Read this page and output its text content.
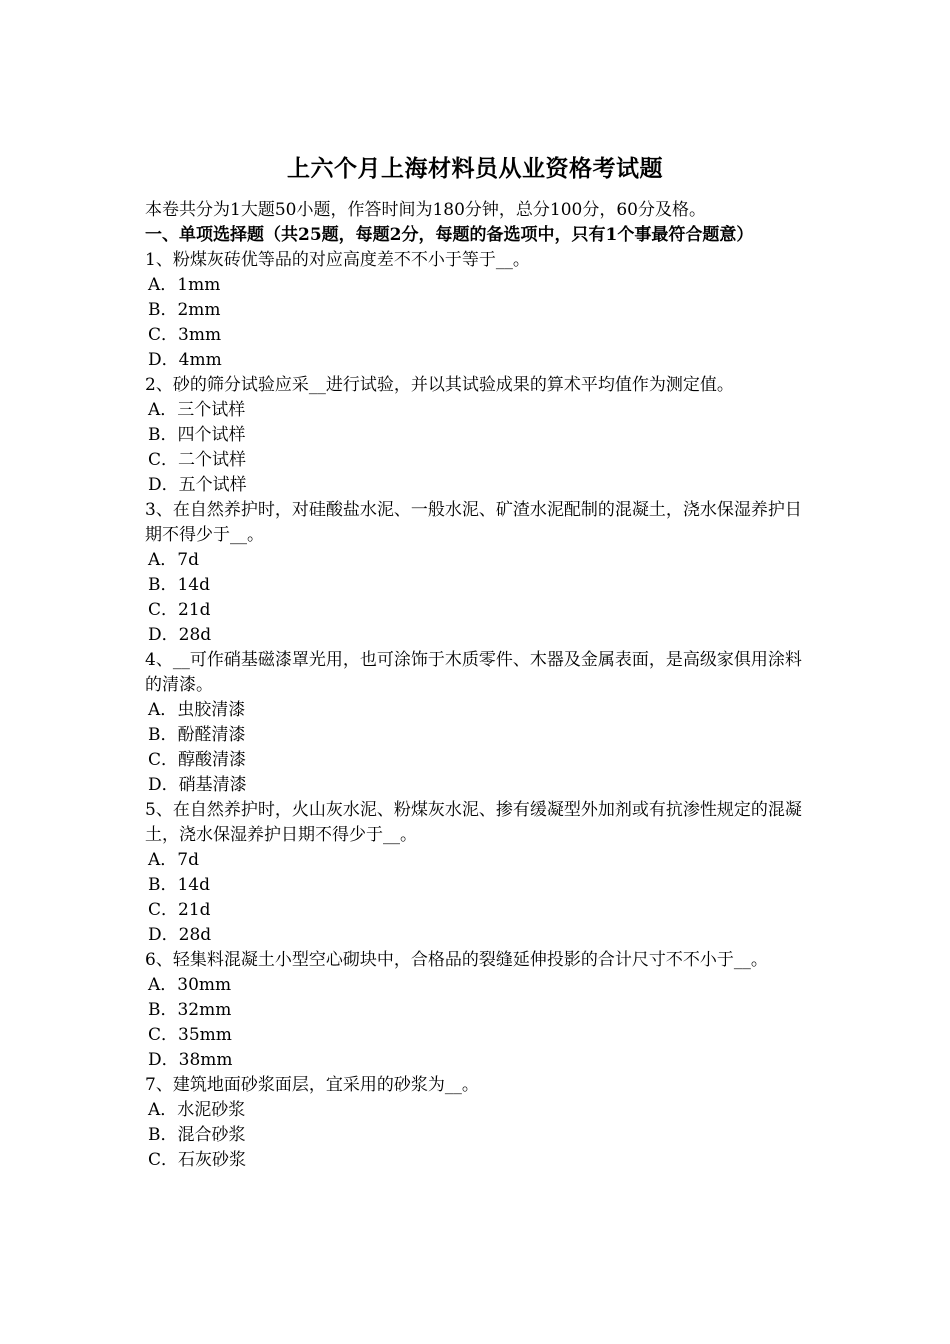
上六个月上海材料员从业资格考试题
本卷共分为1大题50小题，作答时间为180分钟，总分100分，60分及格。
一、单项选择题（共25题，每题2分，每题的备选项中，只有1个事最符合题意）
1、粉煤灰砖优等品的对应高度差不不小于等于__。
A．1mm
B．2mm
C．3mm
D．4mm
2、砂的筛分试验应采__进行试验，并以其试验成果的算术平均值作为测定值。
A．三个试样
B．四个试样
C．二个试样
D．五个试样
3、在自然养护时，对硅酸盐水泥、一般水泥、矿渣水泥配制的混凝土，浇水保湿养护日期不得少于__。
A．7d
B．14d
C．21d
D．28d
4、__可作硝基磁漆罩光用，也可涂饰于木质零件、木器及金属表面，是高级家俱用涂料的清漆。
A．虫胶清漆
B．酚醛清漆
C．醇酸清漆
D．硝基清漆
5、在自然养护时，火山灰水泥、粉煤灰水泥、掺有缓凝型外加剂或有抗渗性规定的混凝土，浇水保湿养护日期不得少于__。
A．7d
B．14d
C．21d
D．28d
6、轻集料混凝土小型空心砌块中，合格品的裂缝延伸投影的合计尺寸不不小于__。
A．30mm
B．32mm
C．35mm
D．38mm
7、建筑地面砂浆面层，宜采用的砂浆为__。
A．水泥砂浆
B．混合砂浆
C．石灰砂浆
